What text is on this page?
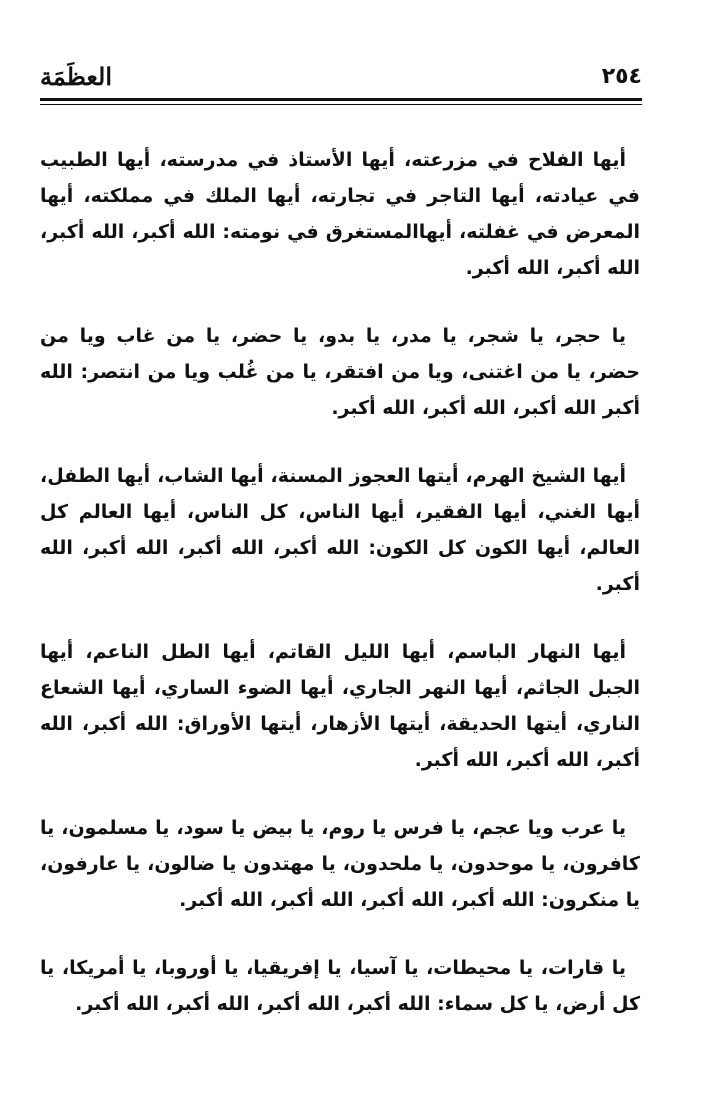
٢٥٤
العظَمَة

أيها الفلاح في مزرعته، أيها الأستاذ في مدرسته، أيها الطبيب في عيادته، أيها التاجر في تجارته، أيها الملك في مملكته، أيها المعرض في غفلته، أيهاالمستغرق في نومته: الله أكبر، الله أكبر، الله أكبر، الله أكبر.

يا حجر، يا شجر، يا مدر، يا بدو، يا حضر، يا من غاب ويا من حضر، يا من اغتنى، ويا من افتقر، يا من غُلب ويا من انتصر: الله أكبر الله أكبر، الله أكبر، الله أكبر.

أيها الشيخ الهرم، أيتها العجوز المسنة، أيها الشاب، أيها الطفل، أيها الغني، أيها الفقير، أيها الناس، كل الناس، أيها العالم كل العالم، أيها الكون كل الكون: الله أكبر، الله أكبر، الله أكبر، الله أكبر.

أيها النهار الباسم، أيها الليل القاتم، أيها الطل الناعم، أيها الجبل الجاثم، أيها النهر الجاري، أيها الضوء الساري، أيها الشعاع الناري، أيتها الحديقة، أيتها الأزهار، أيتها الأوراق: الله أكبر، الله أكبر، الله أكبر، الله أكبر.

يا عرب ويا عجم، يا فرس يا روم، يا بيض يا سود، يا مسلمون، يا كافرون، يا موحدون، يا ملحدون، يا مهتدون يا ضالون، يا عارفون، يا منكرون: الله أكبر، الله أكبر، الله أكبر، الله أكبر.

يا قارات، يا محيطات، يا آسيا، يا إفريقيا، يا أوروبا، يا أمريكا، يا كل أرض، يا كل سماء: الله أكبر، الله أكبر، الله أكبر، الله أكبر.
